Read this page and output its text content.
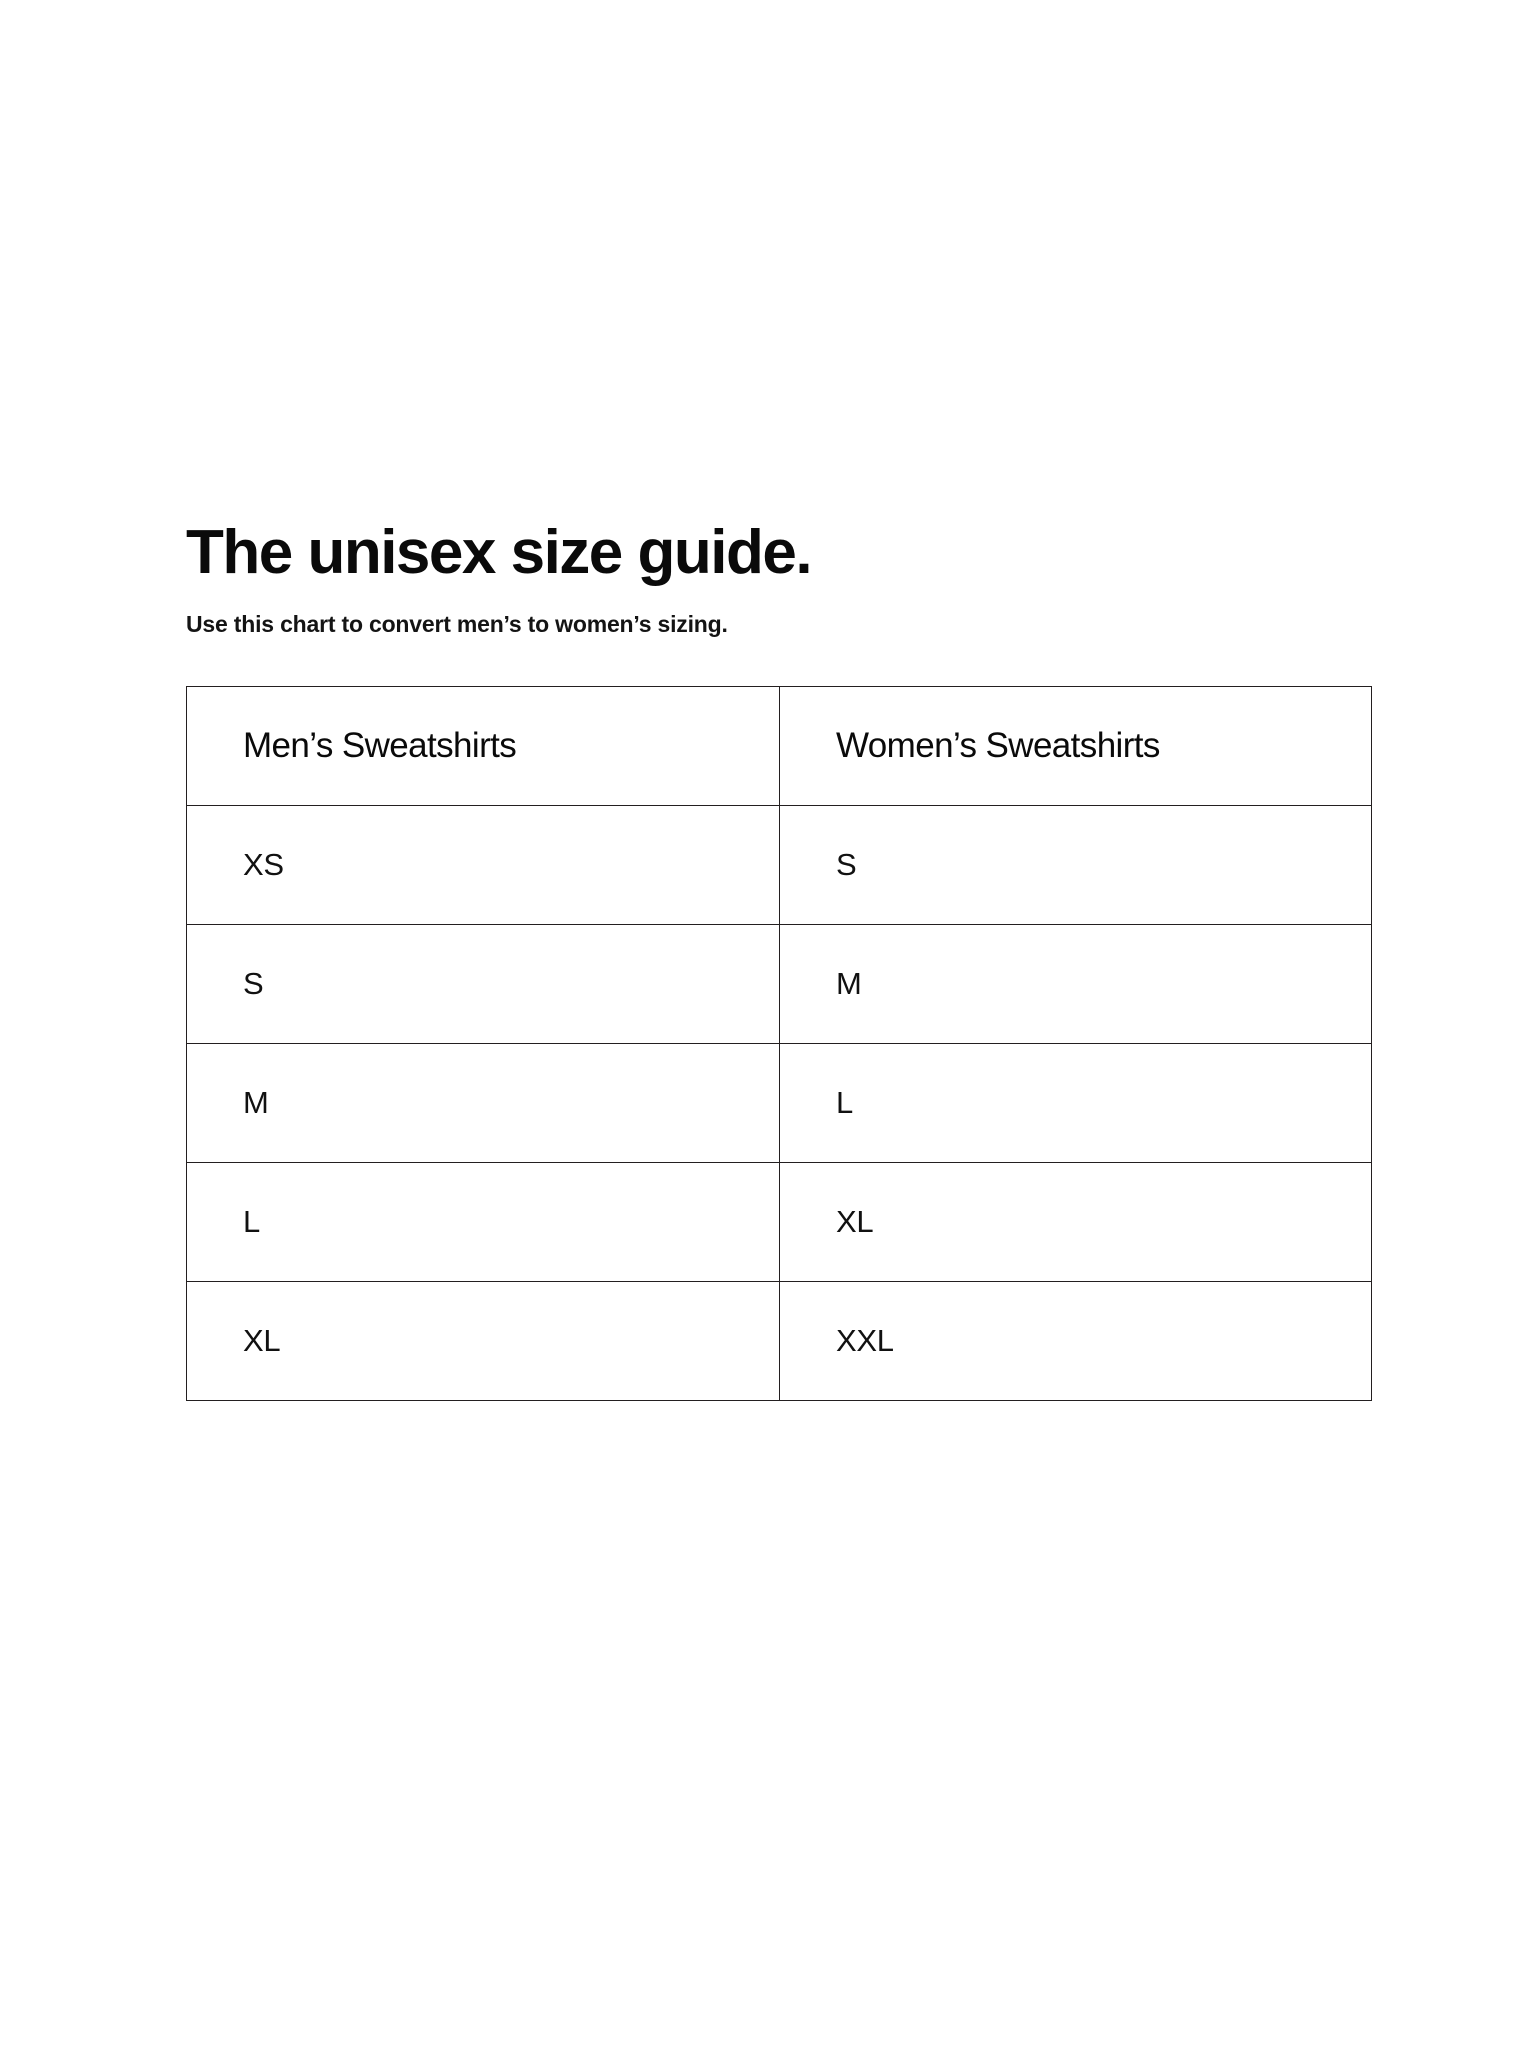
The unisex size guide.

Use this chart to convert men’s to women’s sizing.

Men’s Sweatshirts	Women’s Sweatshirts
XS	S
S	M
M	L
L	XL
XL	XXL
